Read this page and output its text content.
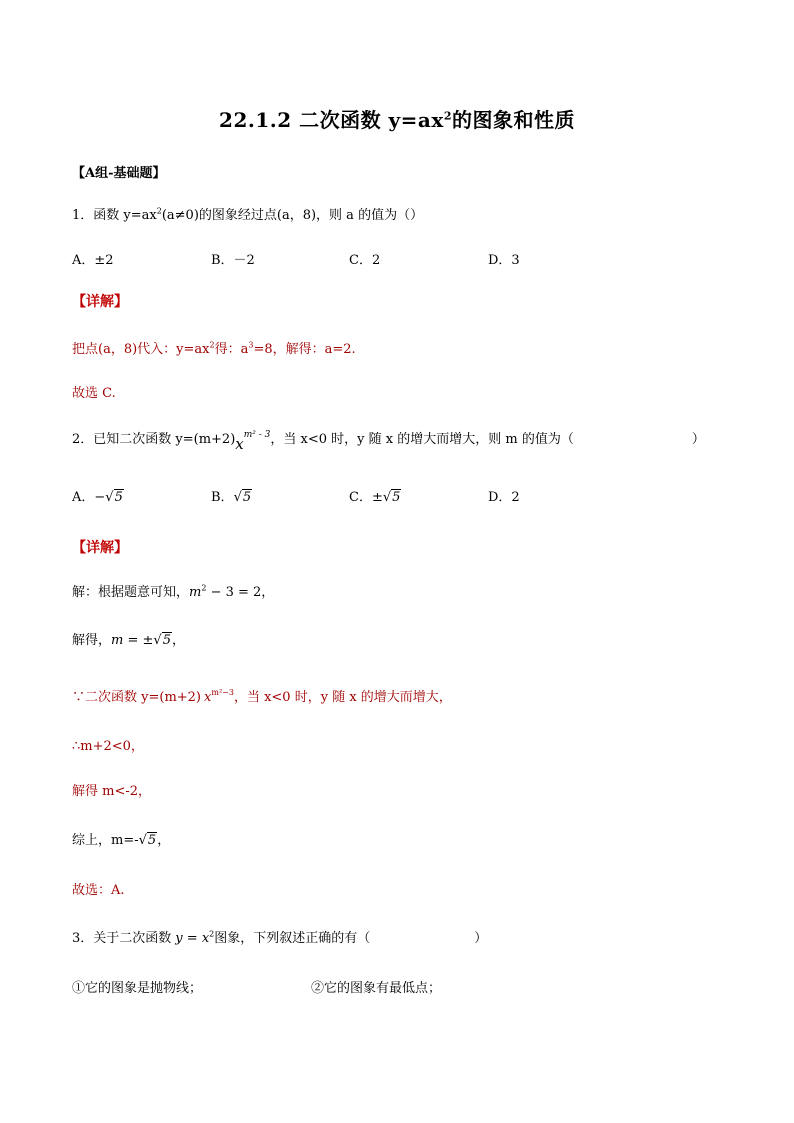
22.1.2 二次函数 $y=ax^2$的图象和性质
【A组-基础题】
1．函数 $y=ax^2(a\ne 0)$的图象经过点(a，8)，则 a 的值为（）
A．±2	B．－2	C．2	D．3
【详解】
把点(a，8)代入：$y=ax^2$得：$a^3=8$，解得：a=2.
故选 C.
2．已知二次函数 $y=(m+2)x^{m^2 - 3}$，当 x<0 时，y 随 x 的增大而增大，则 m 的值为（	）
A．−√5	B．√5	C．±√5	D．2
【详解】
解：根据题意可知，$m^2 - 3 = 2$，
解得，m = ±√5，
∵二次函数 y=(m+2) $x^{m^2-3}$，当 x<0 时，y 随 x 的增大而增大，
∴m+2<0，
解得 m<-2，
综上，m=-√5，
故选：A.
3．关于二次函数 $y = x^2$图象，下列叙述正确的有（	）
①它的图象是抛物线；	②它的图象有最低点；
